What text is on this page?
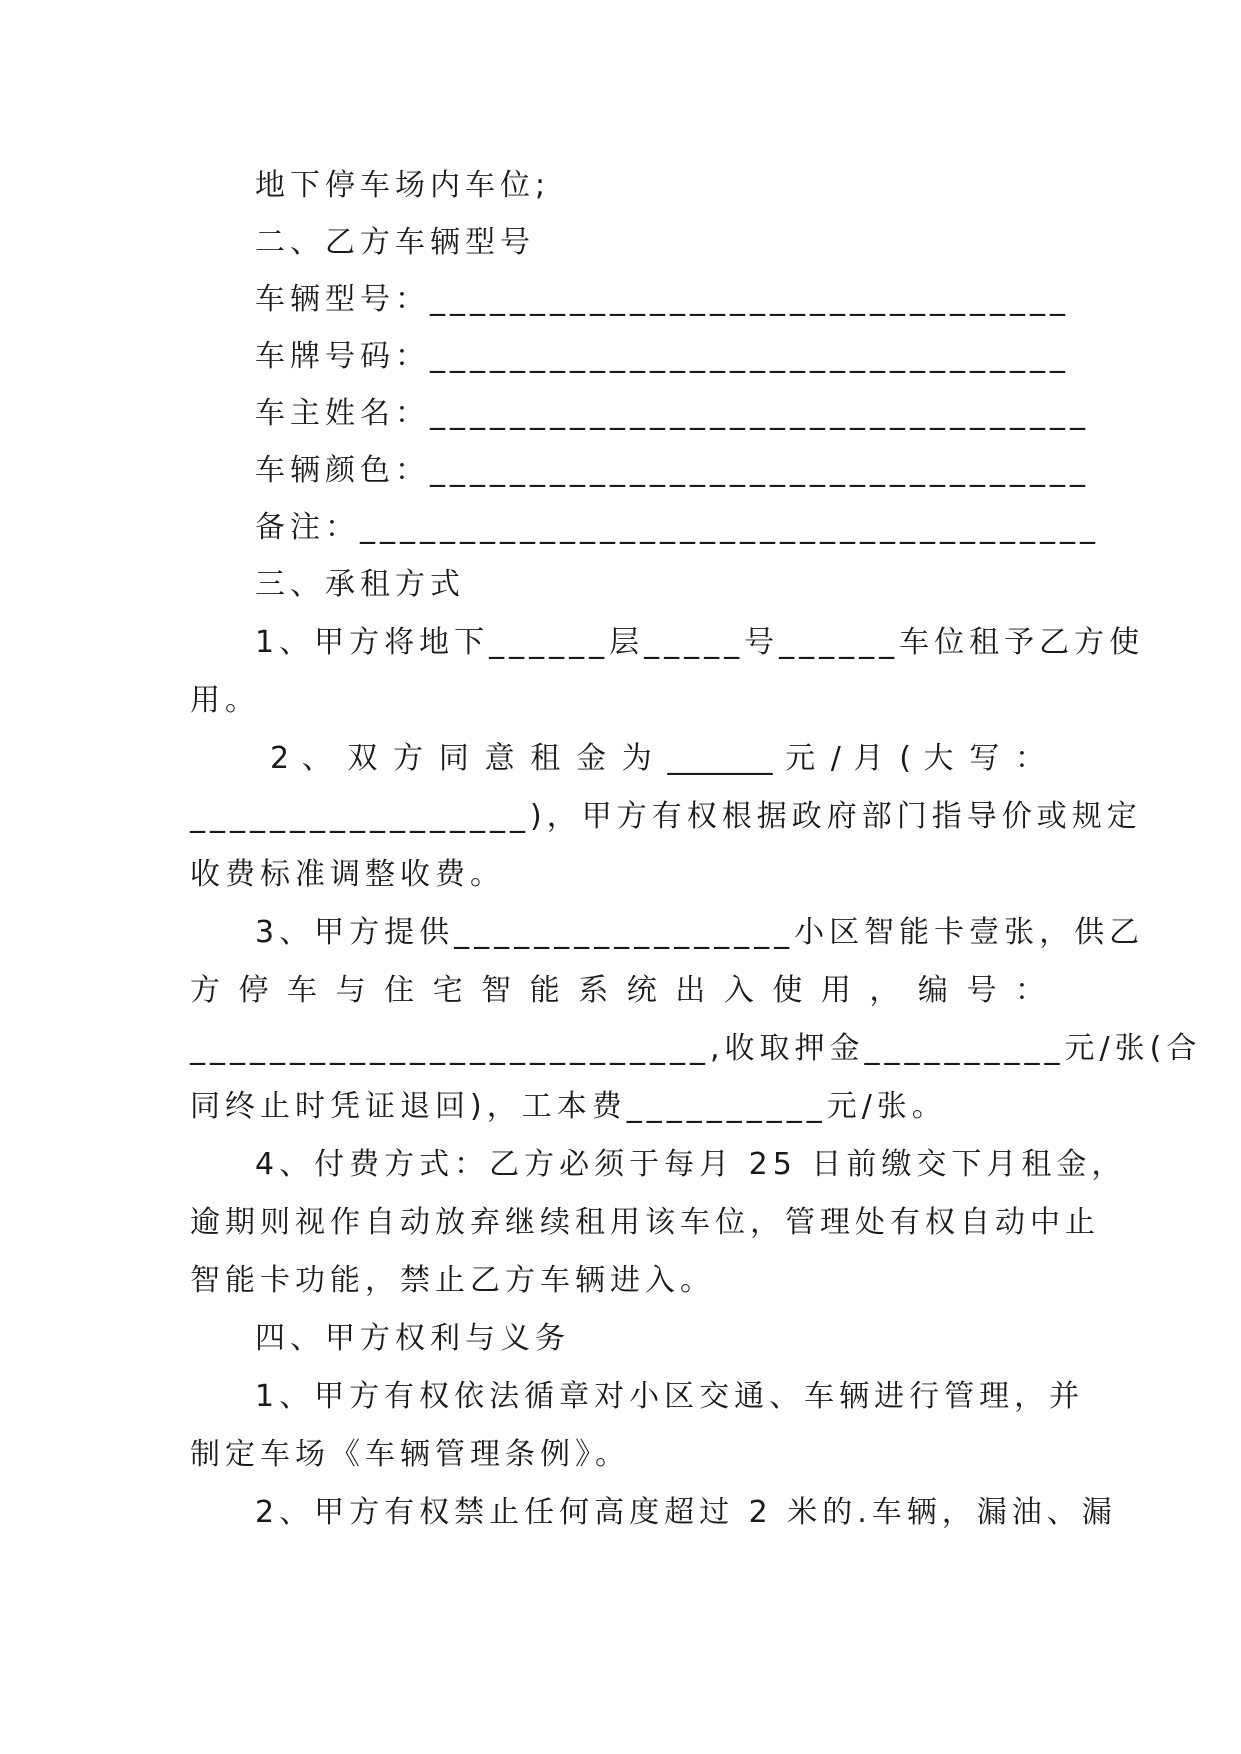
地下停车场内车位;
二、乙方车辆型号
车辆型号：________________________________
车牌号码：________________________________
车主姓名：_________________________________
车辆颜色：_________________________________
备注：_____________________________________
三、承租方式
1、甲方将地下______层_____号______车位租予乙方使
用。
2 、 双 方 同 意 租 金 为 _______ 元 / 月 ( 大 写 ：
_________________)，甲方有权根据政府部门指导价或规定
收费标准调整收费。
3、甲方提供_________________小区智能卡壹张，供乙
方 停 车 与 住 宅 智 能 系 统 出 入 使 用 ， 编 号 ：
__________________________,收取押金__________元/张(合
同终止时凭证退回)，工本费__________元/张。
4、付费方式：乙方必须于每月 25 日前缴交下月租金，
逾期则视作自动放弃继续租用该车位，管理处有权自动中止
智能卡功能，禁止乙方车辆进入。
四、甲方权利与义务
1、甲方有权依法循章对小区交通、车辆进行管理，并
制定车场《车辆管理条例》。
2、甲方有权禁止任何高度超过 2 米的.车辆，漏油、漏
